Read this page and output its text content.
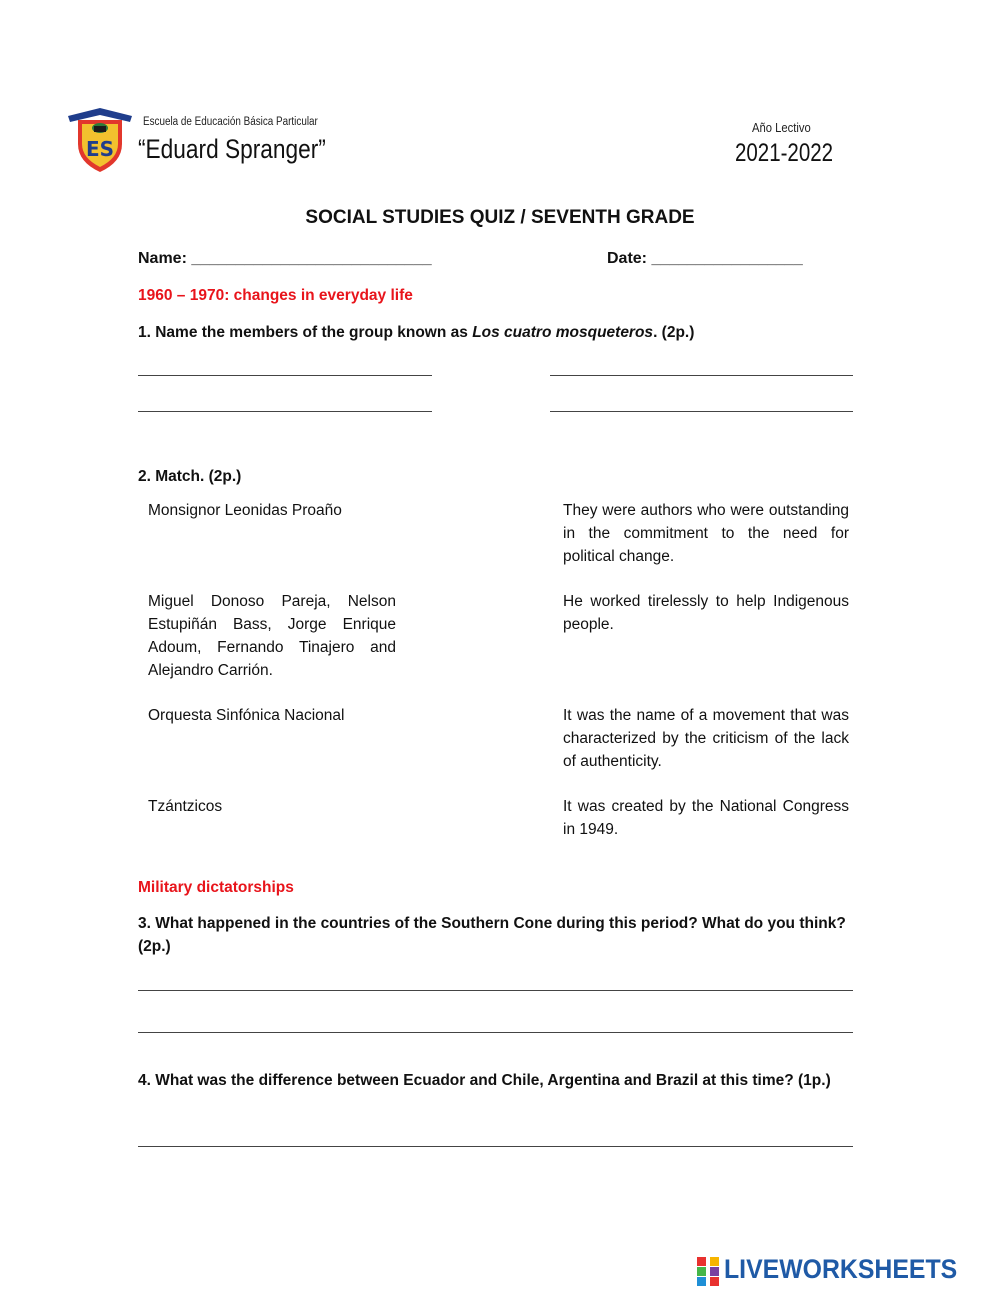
ES
Escuela de Educación Básica Particular
“Eduard Spranger”
Año Lectivo
2021-2022
SOCIAL STUDIES QUIZ / SEVENTH GRADE
Name: ___________________________	Date: _________________
1960 – 1970: changes in everyday life
1. Name the members of the group known as Los cuatro mosqueteros. (2p.)
2. Match. (2p.)
Monsignor Leonidas Proaño
Miguel Donoso Pareja, Nelson Estupiñán Bass, Jorge Enrique Adoum, Fernando Tinajero and Alejandro Carrión.
Orquesta Sinfónica Nacional
Tzántzicos
They were authors who were outstanding in the commitment to the need for political change.
He worked tirelessly to help Indigenous people.
It was the name of a movement that was characterized by the criticism of the lack of authenticity.
It was created by the National Congress in 1949.
Military dictatorships
3. What happened in the countries of the Southern Cone during this period? What do you think? (2p.)
4. What was the difference between Ecuador and Chile, Argentina and Brazil at this time? (1p.)
LIVEWORKSHEETS
